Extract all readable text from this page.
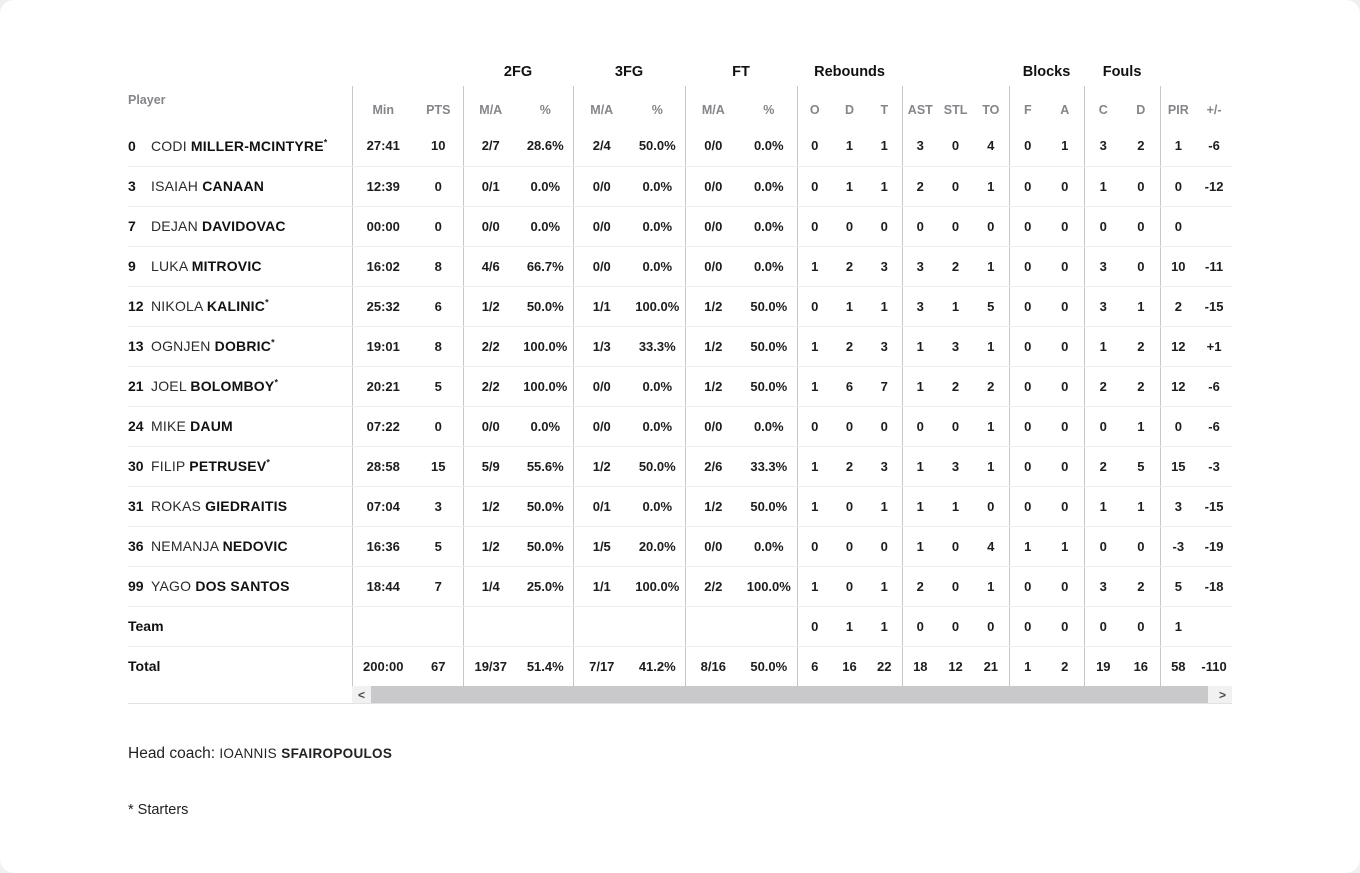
			2FG		3FG		FT		Rebounds						Blocks		Fouls			
Player	Min	PTS	M/A	%	M/A	%	M/A	%	O	D	T	AST	STL	TO	F	A	C	D	PIR	+/-
0 CODI MILLER-MCINTYRE*	27:41	10	2/7	28.6%	2/4	50.0%	0/0	0.0%	0	1	1	3	0	4	0	1	3	2	1	-6
3 ISAIAH CANAAN	12:39	0	0/1	0.0%	0/0	0.0%	0/0	0.0%	0	1	1	2	0	1	0	0	1	0	0	-12
7 DEJAN DAVIDOVAC	00:00	0	0/0	0.0%	0/0	0.0%	0/0	0.0%	0	0	0	0	0	0	0	0	0	0	0	
9 LUKA MITROVIC	16:02	8	4/6	66.7%	0/0	0.0%	0/0	0.0%	1	2	3	3	2	1	0	0	3	0	10	-11
12 NIKOLA KALINIC*	25:32	6	1/2	50.0%	1/1	100.0%	1/2	50.0%	0	1	1	3	1	5	0	0	3	1	2	-15
13 OGNJEN DOBRIC*	19:01	8	2/2	100.0%	1/3	33.3%	1/2	50.0%	1	2	3	1	3	1	0	0	1	2	12	+1
21 JOEL BOLOMBOY*	20:21	5	2/2	100.0%	0/0	0.0%	1/2	50.0%	1	6	7	1	2	2	0	0	2	2	12	-6
24 MIKE DAUM	07:22	0	0/0	0.0%	0/0	0.0%	0/0	0.0%	0	0	0	0	0	1	0	0	0	1	0	-6
30 FILIP PETRUSEV*	28:58	15	5/9	55.6%	1/2	50.0%	2/6	33.3%	1	2	3	1	3	1	0	0	2	5	15	-3
31 ROKAS GIEDRAITIS	07:04	3	1/2	50.0%	0/1	0.0%	1/2	50.0%	1	0	1	1	1	0	0	0	1	1	3	-15
36 NEMANJA NEDOVIC	16:36	5	1/2	50.0%	1/5	20.0%	0/0	0.0%	0	0	0	1	0	4	1	1	0	0	-3	-19
99 YAGO DOS SANTOS	18:44	7	1/4	25.0%	1/1	100.0%	2/2	100.0%	1	0	1	2	0	1	0	0	3	2	5	-18
Team									0	1	1	0	0	0	0	0	0	0	1	
Total	200:00	67	19/37	51.4%	7/17	41.2%	8/16	50.0%	6	16	22	18	12	21	1	2	19	16	58	-110
<	>

Head coach: IOANNIS SFAIROPOULOS

* Starters
